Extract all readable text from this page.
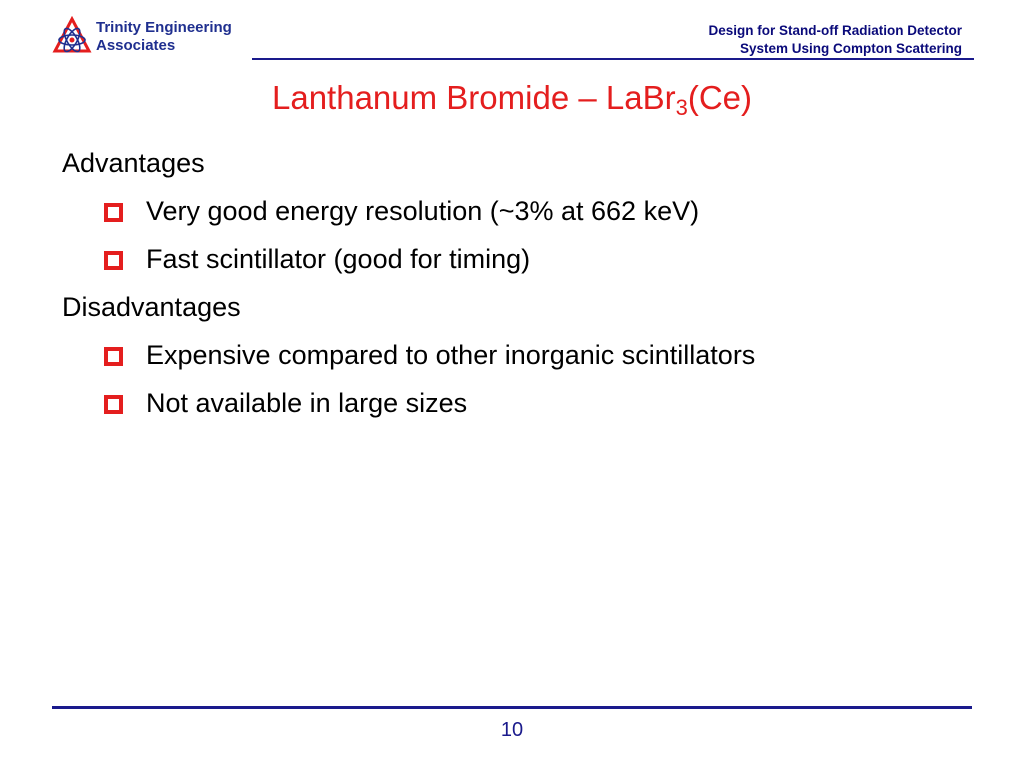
Trinity Engineering
Associates
Design for Stand-off Radiation Detector
System Using Compton Scattering
Lanthanum Bromide – LaBr$_3$(Ce)
Advantages
Very good energy resolution (~3% at 662 keV)
Fast scintillator (good for timing)
Disadvantages
Expensive compared to other inorganic scintillators
Not available in large sizes
10
